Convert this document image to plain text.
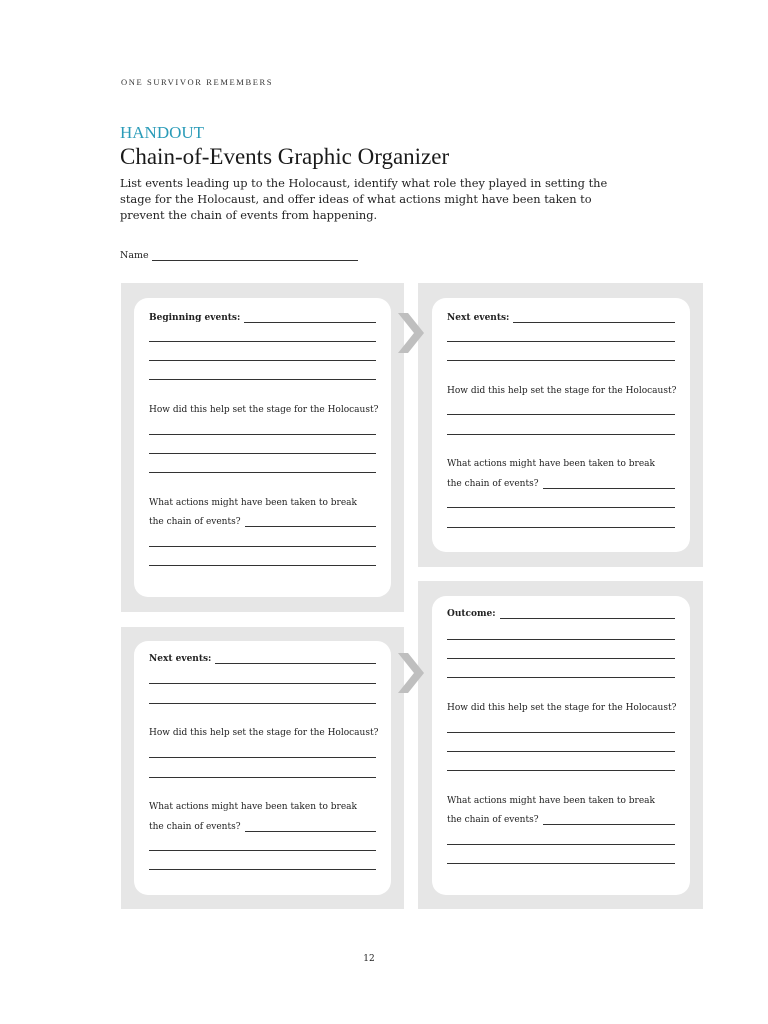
ONE SURVIVOR REMEMBERS
HANDOUT
Chain-of-Events Graphic Organizer
List events leading up to the Holocaust, identify what role they played in setting the stage for the Holocaust, and offer ideas of what actions might have been taken to prevent the chain of events from happening.
Name
Beginning events:
How did this help set the stage for the Holocaust?
What actions might have been taken to break
the chain of events?
Next events:
How did this help set the stage for the Holocaust?
What actions might have been taken to break
the chain of events?
Next events:
How did this help set the stage for the Holocaust?
What actions might have been taken to break
the chain of events?
Outcome:
How did this help set the stage for the Holocaust?
What actions might have been taken to break
the chain of events?
12
